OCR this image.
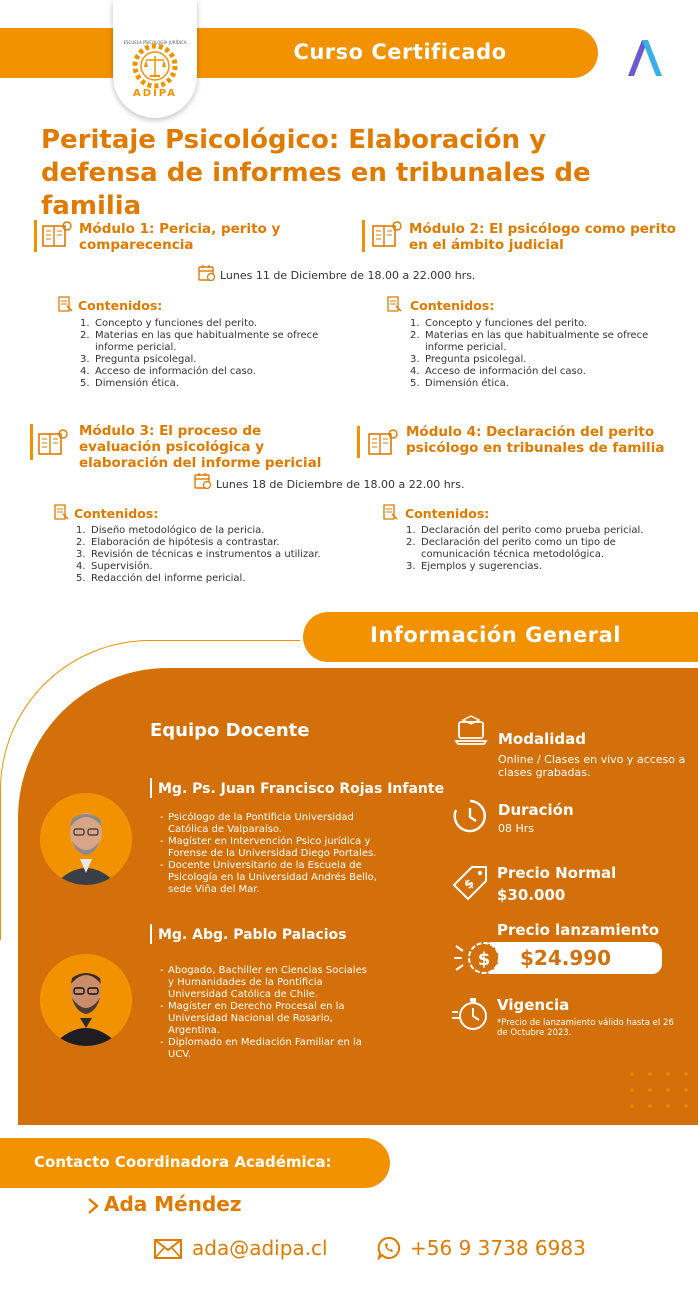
Curso Certificado
ESCUELA PSICOLOGÍA JURÍDICA
ADIPA
Peritaje Psicológico: Elaboración y defensa de informes en tribunales de familia
Módulo 1: Pericia, perito y comparecencia
Módulo 2: El psicólogo como perito en el ámbito judicial
Lunes 11 de Diciembre de 18.00 a 22.000 hrs.
Contenidos:
1. Concepto y funciones del perito.
2. Materias en las que habitualmente se ofrece informe pericial.
3. Pregunta psicolegal.
4. Acceso de información del caso.
5. Dimensión ética.
Contenidos:
1. Concepto y funciones del perito.
2. Materias en las que habitualmente se ofrece informe pericial.
3. Pregunta psicolegal.
4. Acceso de información del caso.
5. Dimensión ética.
Módulo 3: El proceso de evaluación psicológica y elaboración del informe pericial
Módulo 4: Declaración del perito psicólogo en tribunales de familia
Lunes 18 de Diciembre de 18.00 a 22.00 hrs.
Contenidos:
1. Diseño metodológico de la pericia.
2. Elaboración de hipótesis a contrastar.
3. Revisión de técnicas e instrumentos a utilizar.
4. Supervisión.
5. Redacción del informe pericial.
Contenidos:
1. Declaración del perito como prueba pericial.
2. Declaración del perito como un tipo de comunicación técnica metodológica.
3. Ejemplos y sugerencias.
Información General
Equipo Docente
Mg. Ps. Juan Francisco Rojas Infante
- Psicólogo de la Pontificia Universidad Católica de Valparaíso.
- Magíster en Intervención Psico jurídica y Forense de la Universidad Diego Portales.
- Docente Universitario de la Escuela de Psicología en la Universidad Andrés Bello, sede Viña del Mar.
Mg. Abg. Pablo Palacios
- Abogado, Bachiller en Ciencias Sociales y Humanidades de la Pontificia Universidad Católica de Chile.
- Magíster en Derecho Procesal en la Universidad Nacional de Rosario, Argentina.
- Diplomado en Mediación Familiar en la UCV.
Modalidad
Online / Clases en vivo y acceso a clases grabadas.
Duración
08 Hrs
$
Precio Normal
$30.000
Precio lanzamiento
$ $24.990
Vigencia
*Precio de lanzamiento válido hasta el 26 de Octubre 2023.
Contacto Coordinadora Académica:
Ada Méndez
ada@adipa.cl	+56 9 3738 6983
